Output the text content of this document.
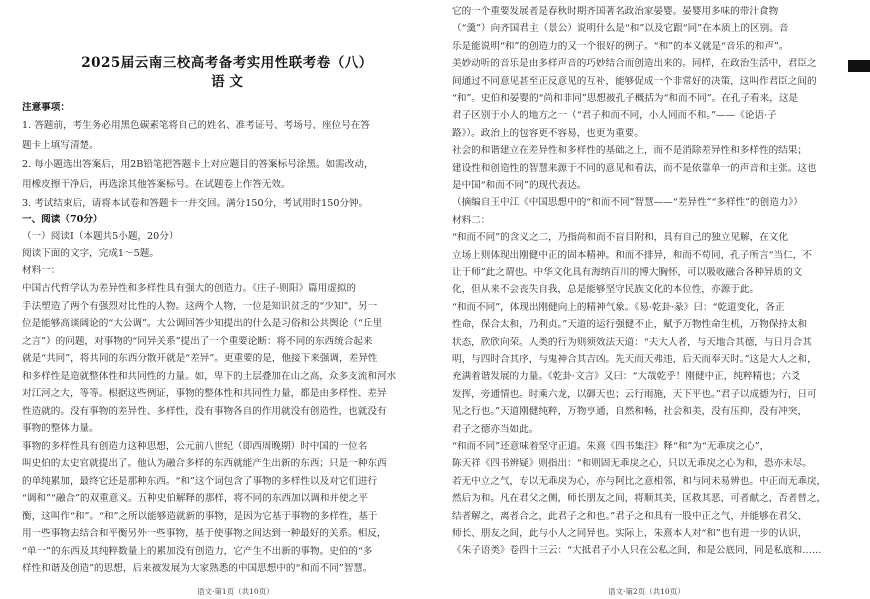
2025届云南三校高考备考实用性联考卷（八）
语 文
注意事项：
1. 答题前，考生务必用黑色碳素笔将自己的姓名、准考证号、考场号、座位号在答
题卡上填写清楚。
2. 每小题选出答案后，用2B铅笔把答题卡上对应题目的答案标号涂黑。如需改动，
用橡皮擦干净后，再选涂其他答案标号。在试题卷上作答无效。
3. 考试结束后，请将本试卷和答题卡一并交回。满分150分，考试用时150分钟。
一、阅读（70分）
（一）阅读Ⅰ（本题共5小题，20分）
阅读下面的文字，完成1～5题。
材料一：
中国古代哲学认为差异性和多样性具有强大的创造力。《庄子·则阳》篇用虚拟的
手法塑造了两个有强烈对比性的人物。这两个人物，一位是知识贫乏的“少知”，另一
位是能够高谈阔论的“大公调”。大公调回答少知提出的什么是习俗和公共舆论（“丘里
之言”）的问题，对事物的“同异关系”提出了一个重要论断：将不同的东西统合起来
就是“共同”，将共同的东西分散开就是“差异”。更重要的是，他接下来强调，差异性
和多样性是造就整体性和共同性的力量。如，卑下的土层叠加在山之高，众多支流和河水
对江河之大，等等。根据这些例证，事物的整体性和共同性力量，都是由多样性、差异
性造就的。没有事物的差异性、多样性，没有事物各自的作用就没有创造性，也就没有
事物的整体力量。
事物的多样性具有创造力这种思想，公元前八世纪（即西周晚期）时中国的一位名
叫史伯的太史官就提出了。他认为融合多样的东西就能产生出新的东西；只是一种东西
的单纯累加，最终它还是那种东西。“和”这个词包含了事物的多样性以及对它们进行
“调和”“融合”的双重意义。五种史伯解释的那样，将不同的东西加以调和并使之平
衡，这叫作“和”。“和”之所以能够造就新的事物，是因为它基于事物的多样性，基于
用一些事物去结合和平衡另外一些事物，基于使事物之间达到一种最好的关系。相反，
“单一”的东西及其纯粹数量上的累加没有创造力，它产生不出新的事物。史伯的“多
样性和谐及创造”的思想，后来被发展为大家熟悉的中国思想中的“和而不同”智慧。
语文·第1页（共10页）
它的一个重要发展者是春秋时期齐国著名政治家晏婴。晏婴用多味的带汁食物
（“羹”）向齐国君主（景公）说明什么是“和”以及它跟“同”在本质上的区别。音
乐是能说明“和”的创造力的又一个很好的例子。“和”的本义就是“音乐的和声”。
美妙动听的音乐是由多样声音的巧妙结合而创造出来的。同样，在政治生活中，君臣之
间通过不同意见甚至正反意见的互补，能够促成一个非常好的决策，这叫作君臣之间的
“和”。史伯和晏婴的“尚和非同”思想被孔子概括为“和而不同”。在孔子看来，这是
君子区别于小人的地方之一（“君子和而不同，小人同而不和。”——《论语·子
路》）。政治上的包容更不容易，也更为重要。
社会的和谐建立在差异性和多样性的基础之上，而不是消除差异性和多样性的结果；
建设性和创造性的智慧来源于不同的意见和看法，而不是依靠单一的声音和主张。这也
是中国“和而不同”的现代表达。
（摘编自王中江《中国思想中的“和而不同”智慧——“差异性”“多样性”的创造力》）
材料二：
“和而不同”的含义之二，乃指尚和而不盲目附和，具有自己的独立见解，在文化
立场上则体现出刚健中正的固本精神。和而不排异，和而不苟同，孔子所言“当仁，不
让于师”此之谓也。中华文化具有海纳百川的博大胸怀，可以吸收融合各种异质的文
化，但从来不会丧失自我，总是能够坚守民族文化的本位性，亦源于此。
“和而不同”，体现出刚健向上的精神气象。《易·乾卦·彖》曰：“乾道变化，各正
性命，保合太和，乃利贞。”天道的运行强健不止，赋予万物性命生机，万物保持太和
状态，欣欣向荣。人类的行为则须效法天道：“夫大人者，与天地合其德，与日月合其
明，与四时合其序，与鬼神合其吉凶。先天而天弗违，后天而奉天时。”这是大人之和，
充满着谐发展的力量。《乾卦·文言》又曰：“大哉乾乎！刚健中正，纯粹精也；六爻
发挥，旁通情也。时乘六龙，以御天也；云行雨施，天下平也。”君子以成德为行，日可
见之行也。”天道刚健纯粹，万物亨通，自然和畅，社会和美，没有压抑，没有冲突，
君子之德亦当如此。
“和而不同”还意味着坚守正道。朱熹《四书集注》释“和”为“无乖戾之心”，
陈天祥《四书辨疑》则指出：“和则固无乖戾之心，只以无乖戾之心为和，恐亦未尽。
若无中立之气，专以无乖戾为心，亦与阿比之意相邻，和与同未易辨也。中正而无乖戾，
然后为和。凡在君父之侧，师长朋友之间，将顺其美，匡救其恶，可者献之，否者替之，
结者解之，离者合之，此君子之和也。”君子之和具有一股中正之气，并能够在君父、
师长、朋友之间，此与小人之同异也。实际上，朱熹本人对“和”也有进一步的认识，
《朱子语类》卷四十三云：“大抵君子小人只在公私之间，和是公底同，同是私底和……
语文·第2页（共10页）
